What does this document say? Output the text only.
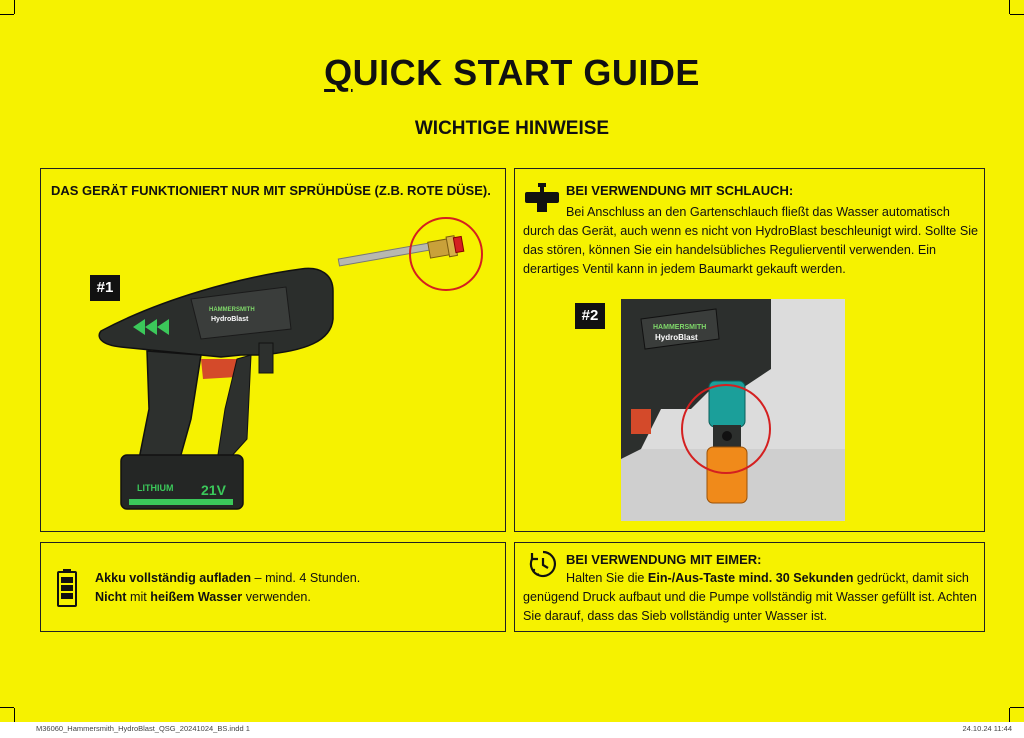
QUICK START GUIDE
WICHTIGE HINWEISE
DAS GERÄT FUNKTIONIERT NUR MIT SPRÜHDÜSE (Z.B. ROTE DÜSE).
#1
HAMMERSMITH
HydroBlast
LITHIUM 21V
BEI VERWENDUNG MIT SCHLAUCH:
Bei Anschluss an den Gartenschlauch fließt das Wasser automatisch durch das Gerät, auch wenn es nicht von HydroBlast beschleunigt wird. Sollte Sie das stören, können Sie ein handelsübliches Regulierventil verwenden. Ein derartiges Ventil kann in jedem Baumarkt gekauft werden.
#2
HAMMERSMITH
HydroBlast
Akku vollständig aufladen – mind. 4 Stunden.
Nicht mit heißem Wasser verwenden.
BEI VERWENDUNG MIT EIMER:
Halten Sie die Ein-/Aus-Taste mind. 30 Sekunden gedrückt, damit sich genügend Druck aufbaut und die Pumpe vollständig mit Wasser gefüllt ist. Achten Sie darauf, dass das Sieb vollständig unter Wasser ist.
M36060_Hammersmith_HydroBlast_QSG_20241024_BS.indd 1	24.10.24 11:44
